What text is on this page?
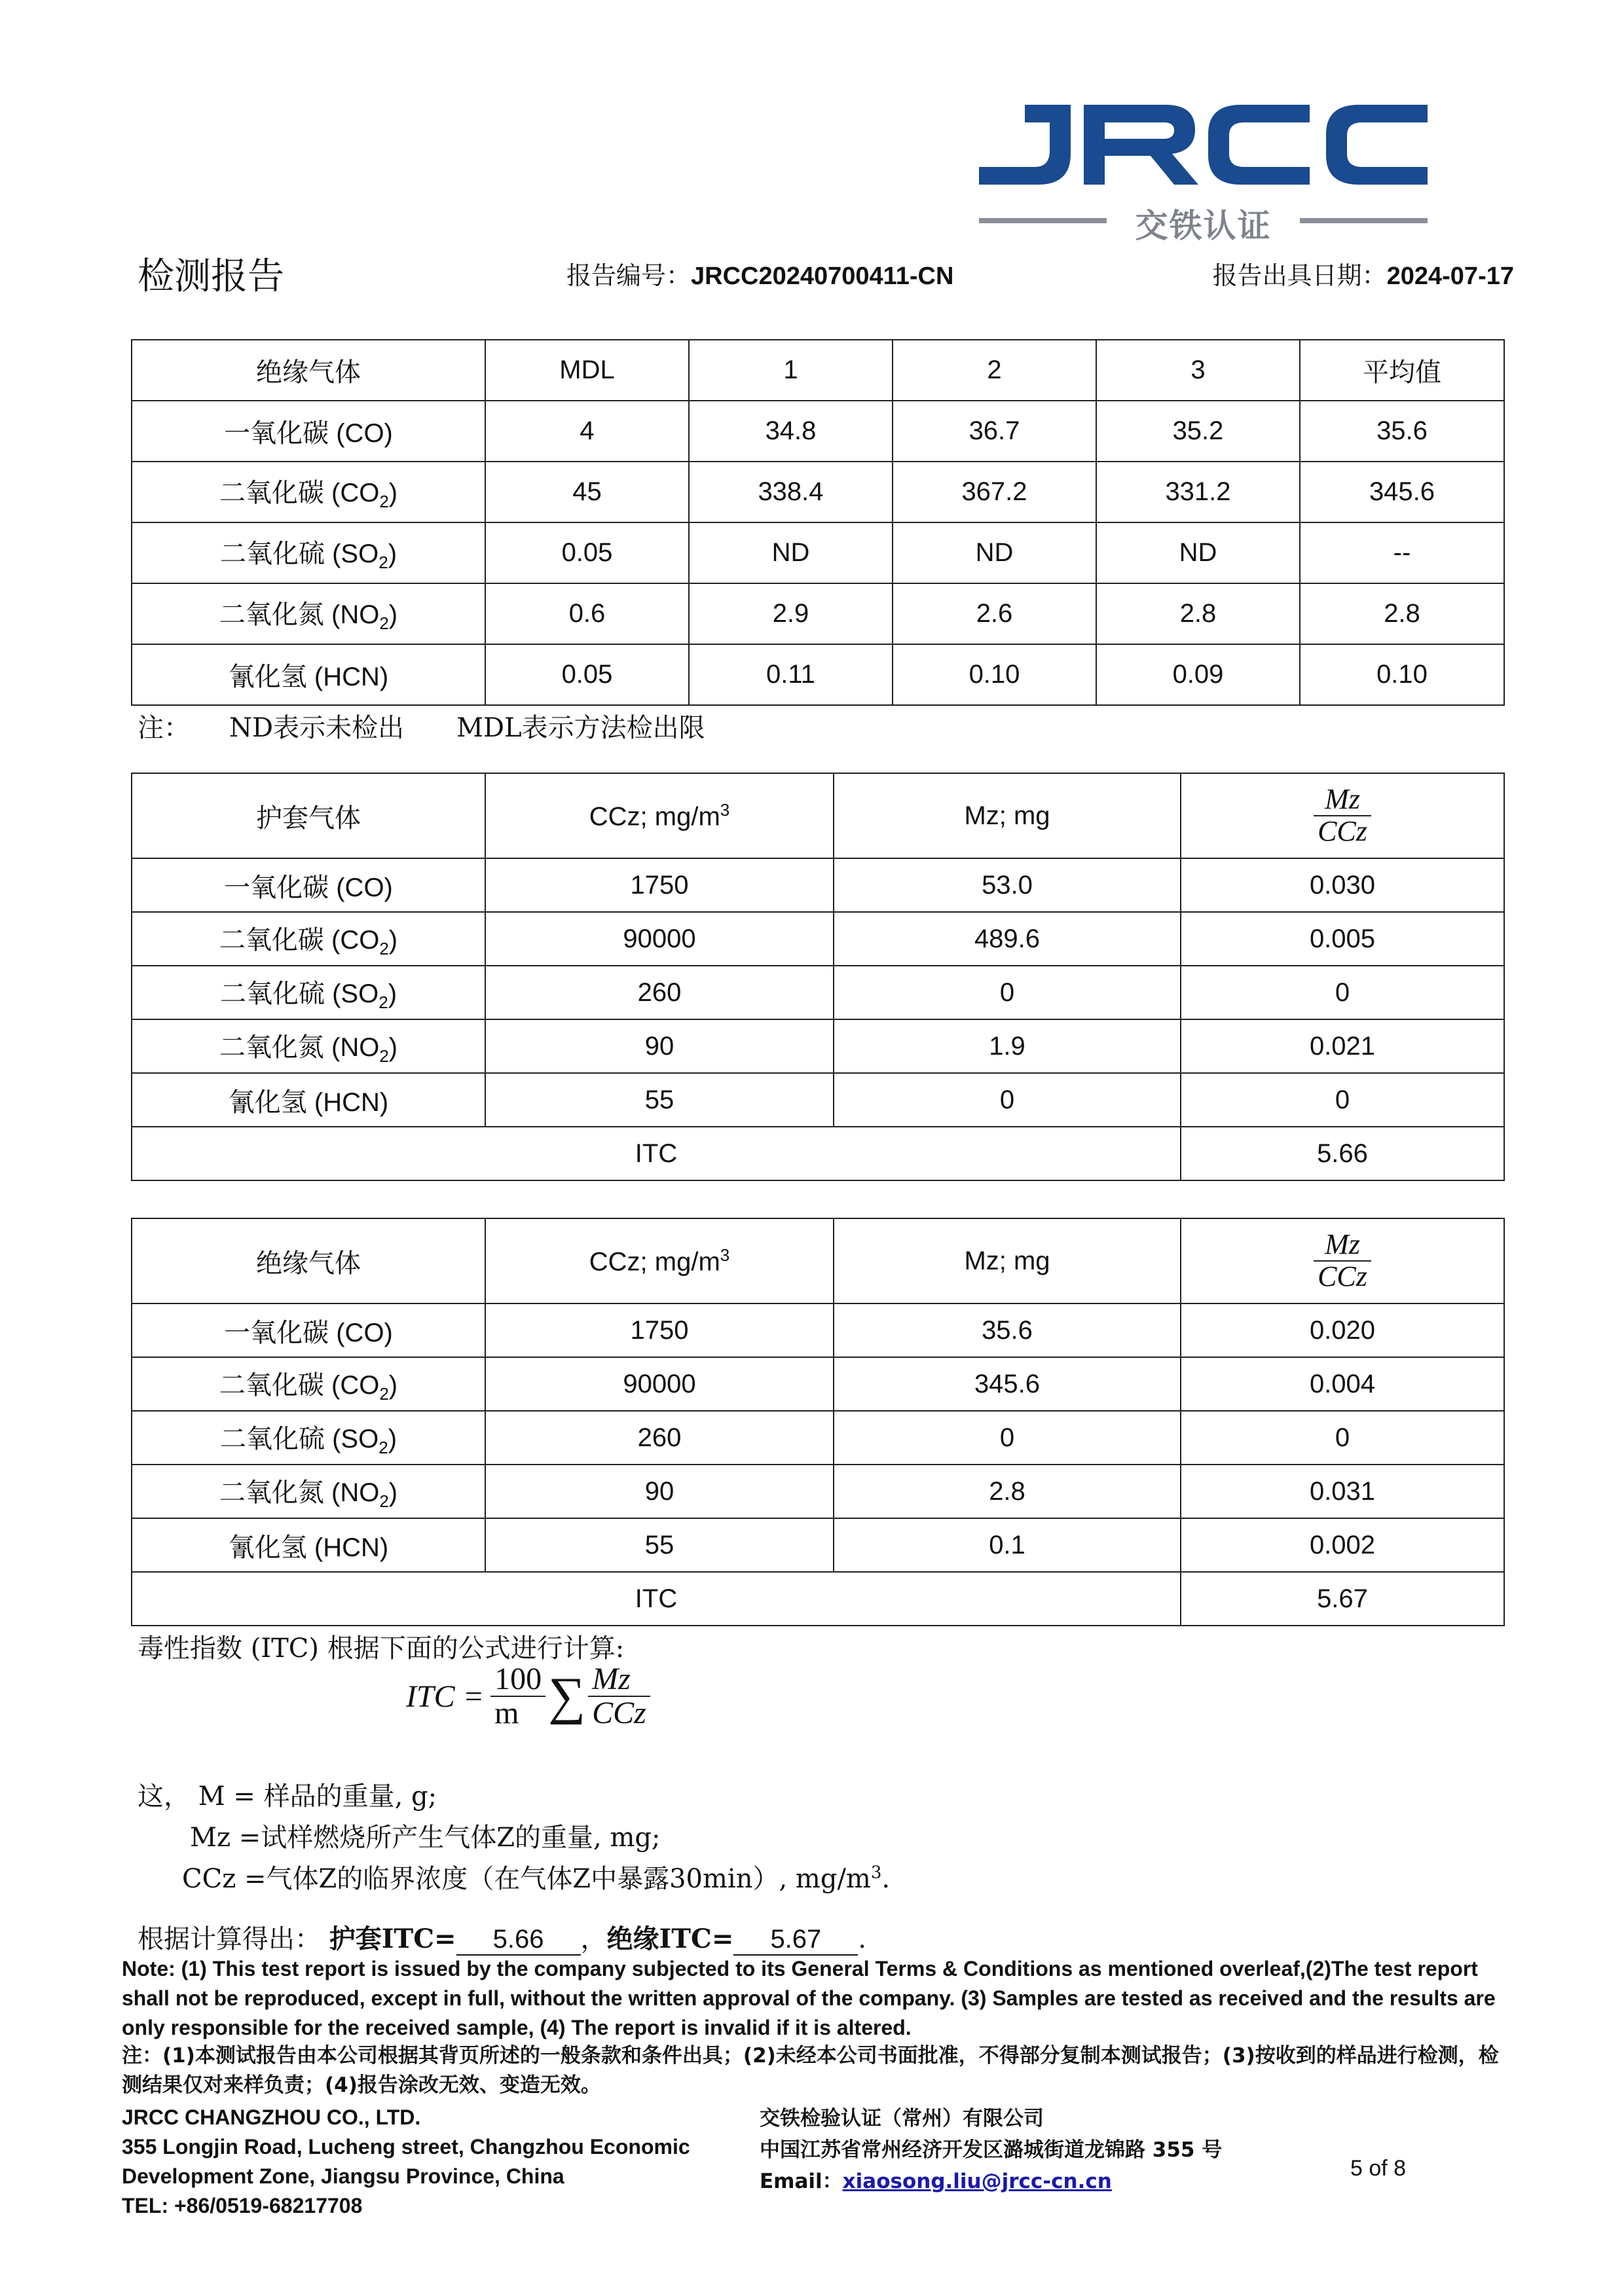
交铁认证
检测报告	报告编号：JRCC20240700411-CN	报告出具日期：2024-07-17
绝缘气体	MDL	1	2	3	平均值
一氧化碳 (CO)	4	34.8	36.7	35.2	35.6
二氧化碳 $(CO_2)$	45	338.4	367.2	331.2	345.6
二氧化硫 $(SO_2)$	0.05	ND	ND	ND	--
二氧化氮 $(NO_2)$	0.6	2.9	2.6	2.8	2.8
氰化氢 (HCN)	0.05	0.11	0.10	0.09	0.10
注： ND表示未检出 MDL表示方法检出限
护套气体	CCz; $mg/m^3$	Mz; mg	$\frac{Mz}{\text{CCz}}$

一氧化碳 (CO)	1750	53.0	0.030
二氧化碳 $(CO_2)$	90000	489.6	0.005
二氧化硫 $(SO_2)$	260	0	0
二氧化氮 $(NO_2)$	90	1.9	0.021
氰化氢 (HCN)	55	0	0
ITC			5.66
绝缘气体	CCz; $mg/m^3$	Mz; mg	$\frac{Mz}{\text{CCz}}$

一氧化碳 (CO)	1750	35.6	0.020
二氧化碳 $(CO_2)$	90000	345.6	0.004
二氧化硫 $(SO_2)$	260	0	0
二氧化氮 $(NO_2)$	90	2.8	0.031
氰化氢 (HCN)	55	0.1	0.002
ITC			5.67
毒性指数 (ITC) 根据下面的公式进行计算:
ITC = $\frac{100}{m}$ ∑ $\frac{Mz}{\text{CCz}}$
这， M = 样品的重量, g;
Mz =试样燃烧所产生气体Z的重量, mg;
CCz =气体Z的临界浓度（在气体Z中暴露30min）, $mg/m^3$.
根据计算得出： 护套ITC= 5.66 ，绝缘ITC= 5.67 .
Note: (1) This test report is issued by the company subjected to its General Terms & Conditions as mentioned overleaf,(2)The test report shall not be reproduced, except in full, without the written approval of the company. (3) Samples are tested as received and the results are only responsible for the received sample, (4) The report is invalid if it is altered.
注：(1)本测试报告由本公司根据其背页所述的一般条款和条件出具；(2)未经本公司书面批准，不得部分复制本测试报告；(3)按收到的样品进行检测，检测结果仅对来样负责；(4)报告涂改无效、变造无效。
JRCC CHANGZHOU CO., LTD.
355 Longjin Road, Lucheng street, Changzhou Economic
Development Zone, Jiangsu Province, China
TEL: +86/0519-68217708
交铁检验认证（常州）有限公司
中国江苏省常州经济开发区潞城街道龙锦路 355 号
Email：xiaosong.liu@jrcc-cn.cn
5 of 8
